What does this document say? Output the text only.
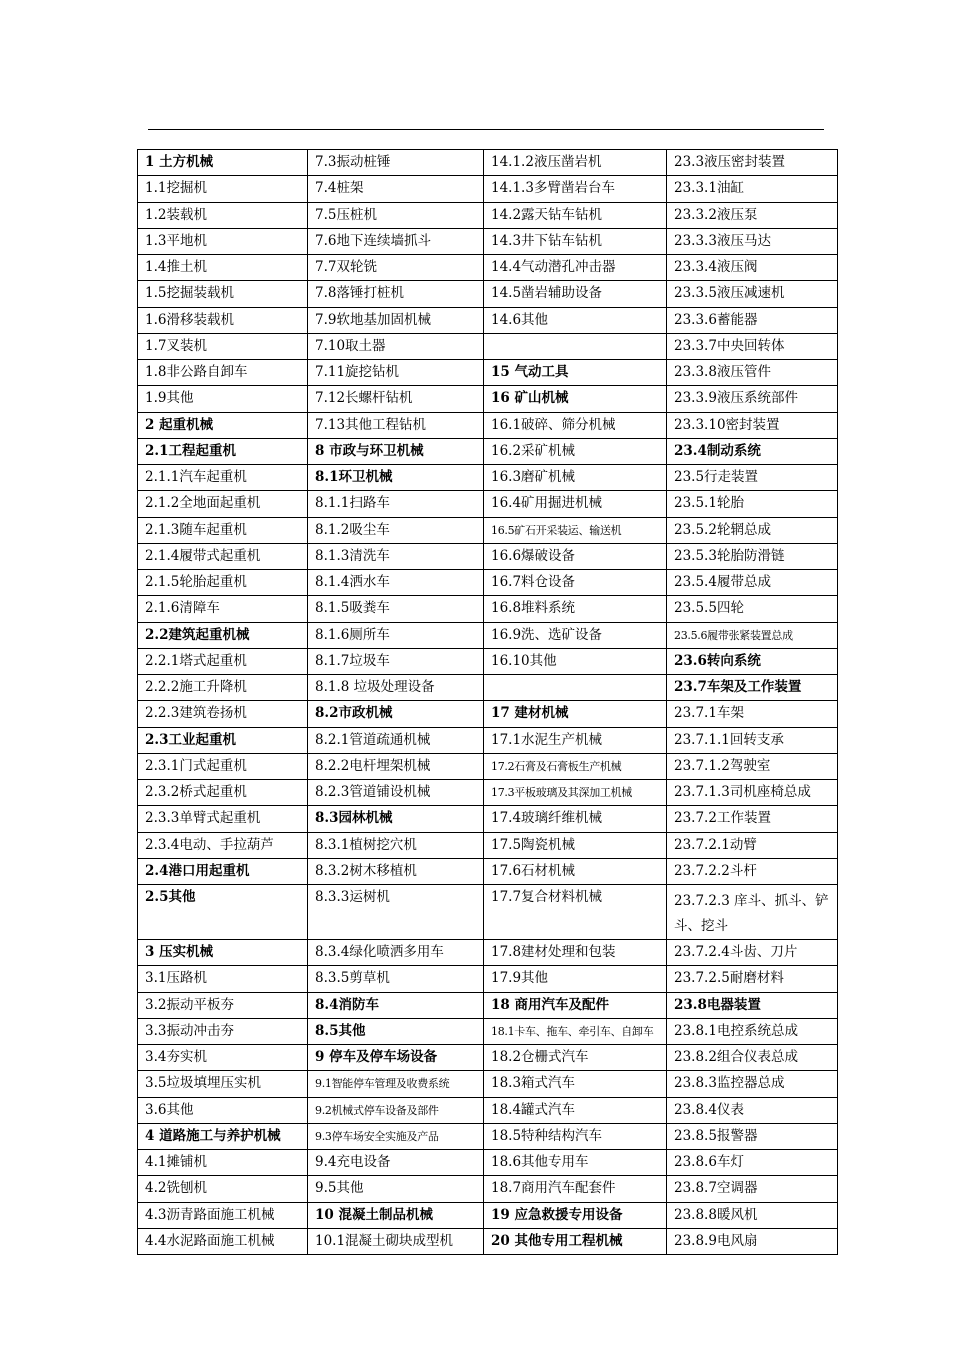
1 土方机械	7.3振动桩锤	14.1.2液压凿岩机	23.3液压密封装置
1.1挖掘机	7.4桩架	14.1.3多臂凿岩台车	23.3.1油缸
1.2装载机	7.5压桩机	14.2露天钻车钻机	23.3.2液压泵
1.3平地机	7.6地下连续墙抓斗	14.3井下钻车钻机	23.3.3液压马达
1.4推土机	7.7双轮铣	14.4气动潜孔冲击器	23.3.4液压阀
1.5挖掘装载机	7.8落锤打桩机	14.5凿岩辅助设备	23.3.5液压减速机
1.6滑移装载机	7.9软地基加固机械	14.6其他	23.3.6蓄能器
1.7叉装机	7.10取土器		23.3.7中央回转体
1.8非公路自卸车	7.11旋挖钻机	15 气动工具	23.3.8液压管件
1.9其他	7.12长螺杆钻机	16 矿山机械	23.3.9液压系统部件
2 起重机械	7.13其他工程钻机	16.1破碎、筛分机械	23.3.10密封装置
2.1工程起重机	8 市政与环卫机械	16.2采矿机械	23.4制动系统
2.1.1汽车起重机	8.1环卫机械	16.3磨矿机械	23.5行走装置
2.1.2全地面起重机	8.1.1扫路车	16.4矿用掘进机械	23.5.1轮胎
2.1.3随车起重机	8.1.2吸尘车	16.5矿石开采装运、输送机	23.5.2轮辋总成
2.1.4履带式起重机	8.1.3清洗车	16.6爆破设备	23.5.3轮胎防滑链
2.1.5轮胎起重机	8.1.4洒水车	16.7料仓设备	23.5.4履带总成
2.1.6清障车	8.1.5吸粪车	16.8堆料系统	23.5.5四轮
2.2建筑起重机械	8.1.6厕所车	16.9洗、选矿设备	23.5.6履带张紧装置总成
2.2.1塔式起重机	8.1.7垃圾车	16.10其他	23.6转向系统
2.2.2施工升降机	8.1.8 垃圾处理设备		23.7车架及工作装置
2.2.3建筑卷扬机	8.2市政机械	17 建材机械	23.7.1车架
2.3工业起重机	8.2.1管道疏通机械	17.1水泥生产机械	23.7.1.1回转支承
2.3.1门式起重机	8.2.2电杆埋架机械	17.2石膏及石膏板生产机械	23.7.1.2驾驶室
2.3.2桥式起重机	8.2.3管道铺设机械	17.3平板玻璃及其深加工机械	23.7.1.3司机座椅总成
2.3.3单臂式起重机	8.3园林机械	17.4玻璃纤维机械	23.7.2工作装置
2.3.4电动、手拉葫芦	8.3.1植树挖穴机	17.5陶瓷机械	23.7.2.1动臂
2.4港口用起重机	8.3.2树木移植机	17.6石材机械	23.7.2.2斗杆
2.5其他	8.3.3运树机	17.7复合材料机械	23.7.2.3 庠斗、抓斗、铲斗、挖斗
3 压实机械	8.3.4绿化喷洒多用车	17.8建材处理和包装	23.7.2.4斗齿、刀片
3.1压路机	8.3.5剪草机	17.9其他	23.7.2.5耐磨材料
3.2振动平板夯	8.4消防车	18 商用汽车及配件	23.8电器装置
3.3振动冲击夯	8.5其他	18.1卡车、拖车、牵引车、自卸车	23.8.1电控系统总成
3.4夯实机	9 停车及停车场设备	18.2仓栅式汽车	23.8.2组合仪表总成
3.5垃圾填埋压实机	9.1智能停车管理及收费系统	18.3箱式汽车	23.8.3监控器总成
3.6其他	9.2机械式停车设备及部件	18.4罐式汽车	23.8.4仪表
4 道路施工与养护机械	9.3停车场安全实施及产品	18.5特种结构汽车	23.8.5报警器
4.1摊铺机	9.4充电设备	18.6其他专用车	23.8.6车灯
4.2铣刨机	9.5其他	18.7商用汽车配套件	23.8.7空调器
4.3沥青路面施工机械	10 混凝土制品机械	19 应急救援专用设备	23.8.8暖风机
4.4水泥路面施工机械	10.1混凝土砌块成型机	20 其他专用工程机械	23.8.9电风扇
